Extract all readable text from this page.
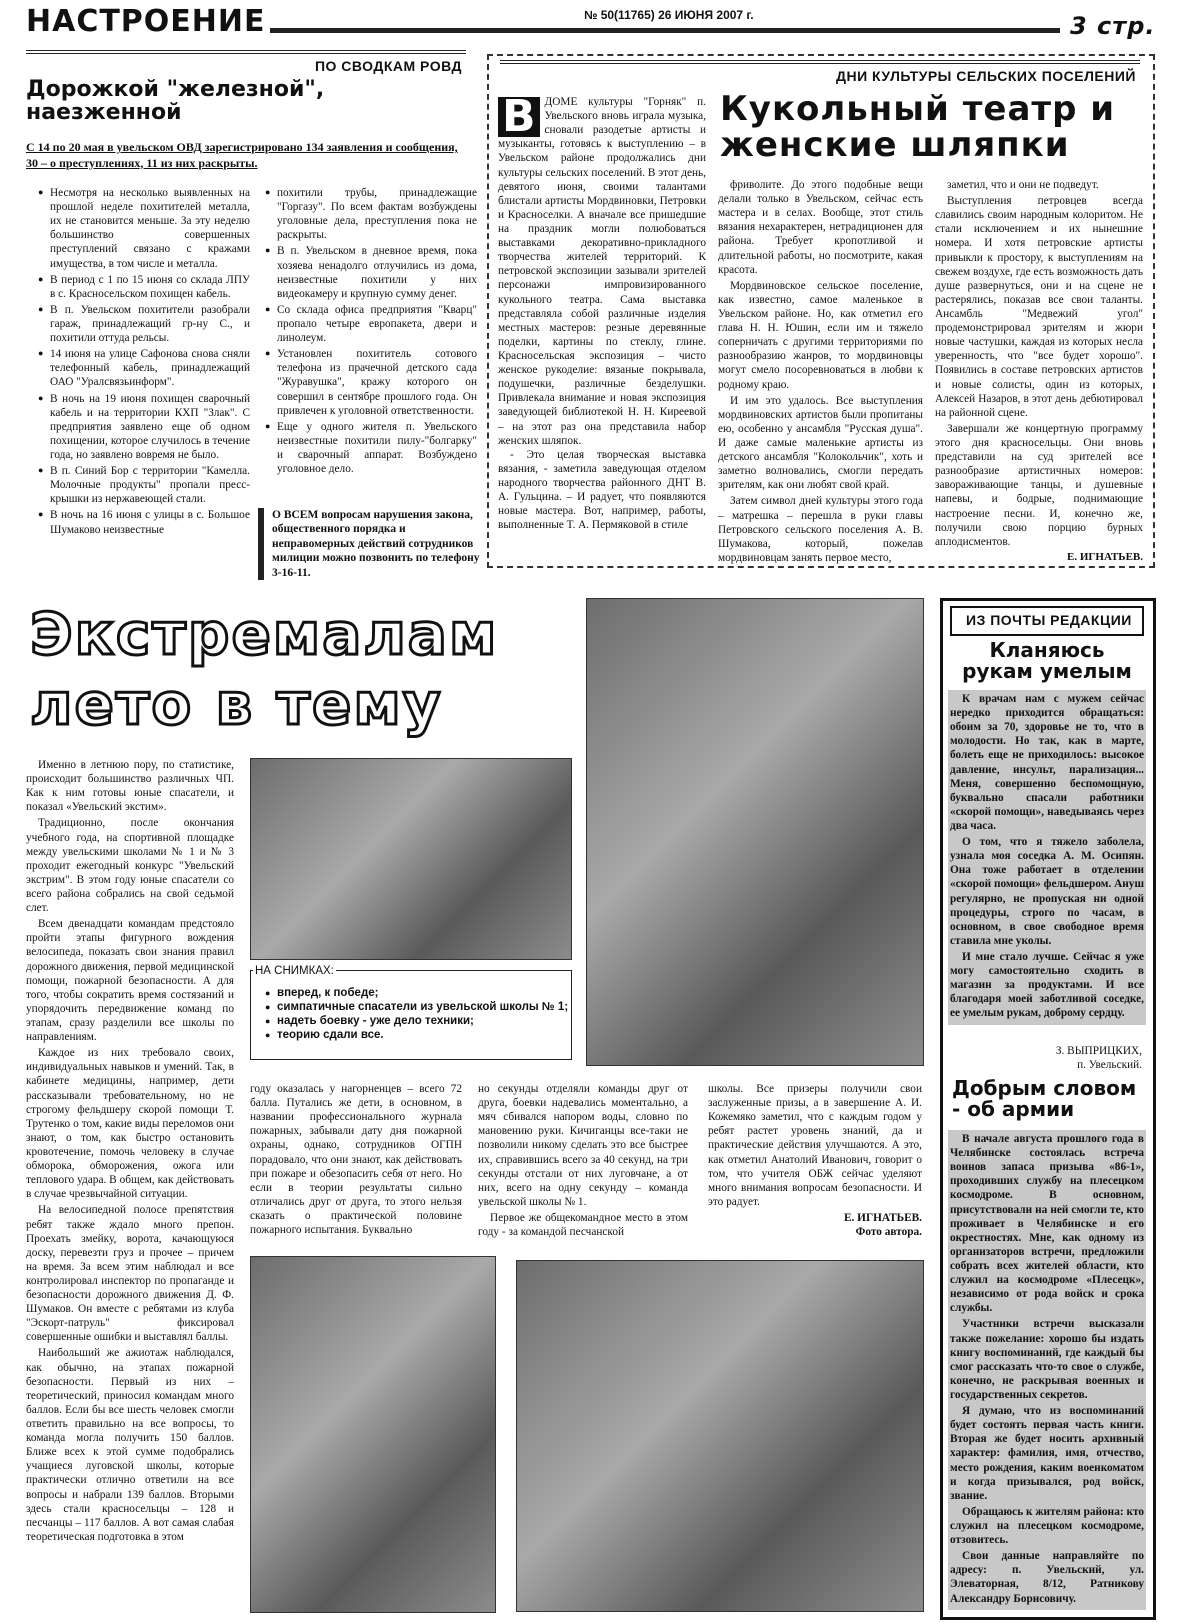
НАСТРОЕНИЕ	№ 50(11765) 26 ИЮНЯ 2007 г.	3 стр.
ПО СВОДКАМ РОВД
Дорожкой "железной", наезженной
С 14 по 20 мая в увельском ОВД зарегистрировано 134 заявления и сообщения, 30 – о преступлениях, 11 из них раскрыты.
● Несмотря на несколько выявленных на прошлой неделе похитителей металла, их не становится меньше. За эту неделю большинство совершенных преступлений связано с кражами имущества, в том числе и металла.
● В период с 1 по 15 июня со склада ЛПУ в с. Красносельском похищен кабель.
● В п. Увельском похитители разобрали гараж, принадлежащий гр-ну С., и похитили оттуда рельсы.
● 14 июня на улице Сафонова снова сняли телефонный кабель, принадлежащий ОАО "Уралсвязьинформ".
● В ночь на 19 июня похищен сварочный кабель и на территории КХП "Злак". С предприятия заявлено еще об одном похищении, которое случилось в течение года, но заявлено вовремя не было.
● В п. Синий Бор с территории "Камелла. Молочные продукты" пропали пресс-крышки из нержавеющей стали.
● В ночь на 16 июня с улицы в с. Большое Шумаково неизвестные
● похитили трубы, принадлежащие "Горгазу". По всем фактам возбуждены уголовные дела, преступления пока не раскрыты.
● В п. Увельском в дневное время, пока хозяева ненадолго отлучились из дома, неизвестные похитили у них видеокамеру и крупную сумму денег.
● Со склада офиса предприятия "Кварц" пропало четыре европакета, двери и линолеум.
● Установлен похититель сотового телефона из прачечной детского сада "Журавушка", кражу которого он совершил в сентябре прошлого года. Он привлечен к уголовной ответственности.
● Еще у одного жителя п. Увельского неизвестные похитили пилу-"болгарку" и сварочный аппарат. Возбуждено уголовное дело.
О ВСЕМ вопросам нарушения закона, общественного порядка и неправомерных действий сотрудников милиции можно позвонить по телефону 3-16-11.
ДНИ КУЛЬТУРЫ СЕЛЬСКИХ ПОСЕЛЕНИЙ
Кукольный театр и женские шляпки
В ДОМЕ культуры "Горняк" п. Увельского вновь играла музыка, сновали разодетые артисты и музыканты, готовясь к выступлению – в Увельском районе продолжались дни культуры сельских поселений. В этот день, девятого июня, своими талантами блистали артисты Мордвиновки, Петровки и Красноселки. А вначале все пришедшие на праздник могли полюбоваться выставками декоративно-прикладного творчества жителей территорий. К петровской экспозиции зазывали зрителей персонажи импровизированного кукольного театра. Сама выставка представляла собой различные изделия местных мастеров: резные деревянные поделки, картины по стеклу, глине. Красносельская экспозиция – чисто женское рукоделие: вязаные покрывала, подушечки, различные безделушки. Привлекала внимание и новая экспозиция заведующей библиотекой Н. Н. Киреевой – на этот раз она представила набор женских шляпок.

- Это целая творческая выставка вязания, - заметила заведующая отделом народного творчества районного ДНТ В. А. Гульцина. – И радует, что появляются новые мастера. Вот, например, работы, выполненные Т. А. Пермяковой в стиле

фриволите. До этого подобные вещи делали только в Увельском, сейчас есть мастера и в селах. Вообще, этот стиль вязания нехарактерен, нетрадиционен для района. Требует кропотливой и длительной работы, но посмотрите, какая красота.

Мордвиновское сельское поселение, как известно, самое маленькое в Увельском районе. Но, как отметил его глава Н. Н. Юшин, если им и тяжело соперничать с другими территориями по разнообразию жанров, то мордвиновцы могут смело посоревноваться в любви к родному краю.

И им это удалось. Все выступления мордвиновских артистов были пропитаны ею, особенно у ансамбля "Русская душа". И даже самые маленькие артисты из детского ансамбля "Колокольчик", хоть и заметно волновались, смогли передать зрителям, как они любят свой край.

Затем символ дней культуры этого года – матрешка – перешла в руки главы Петровского сельского поселения А. В. Шумакова, который, пожелав мордвиновцам занять первое место,

заметил, что и они не подведут.

Выступления петровцев всегда славились своим народным колоритом. Не стали исключением и их нынешние номера. И хотя петровские артисты привыкли к простору, к выступлениям на свежем воздухе, где есть возможность дать душе развернуться, они и на сцене не растерялись, показав все свои таланты. Ансамбль "Медвежий угол" продемонстрировал зрителям и жюри новые частушки, каждая из которых несла уверенность, что "все будет хорошо". Появились в составе петровских артистов и новые солисты, один из которых, Алексей Назаров, в этот день дебютировал на районной сцене.

Завершали же концертную программу этого дня красносельцы. Они вновь представили на суд зрителей все разнообразие артистичных номеров: завораживающие танцы, и душевные напевы, и бодрые, поднимающие настроение песни. И, конечно же, получили свою порцию бурных аплодисментов.

Е. ИГНАТЬЕВ.
Экстремалам
лето в тему
НА СНИМКАХ:
● вперед, к победе;
● симпатичные спасатели из увельской школы № 1;
● надеть боевку - уже дело техники;
● теорию сдали все.

Именно в летнюю пору, по статистике, происходит большинство различных ЧП. Как к ним готовы юные спасатели, и показал «Увельский экстим».

Традиционно, после окончания учебного года, на спортивной площадке между увельскими школами № 1 и № 3 проходит ежегодный конкурс "Увельский экстрим". В этом году юные спасатели со всего района собрались на свой седьмой слет.

Всем двенадцати командам предстояло пройти этапы фигурного вождения велосипеда, показать свои знания правил дорожного движения, первой медицинской помощи, пожарной безопасности. А для того, чтобы сократить время состязаний и упорядочить передвижение команд по этапам, сразу разделили все школы по направлениям.

Каждое из них требовало своих, индивидуальных навыков и умений. Так, в кабинете медицины, например, дети рассказывали требовательному, но не строгому фельдшеру скорой помощи Т. Трутенко о том, какие виды переломов они знают, о том, как быстро остановить кровотечение, помочь человеку в случае обморока, обморожения, ожога или теплового удара. В общем, как действовать в случае чрезвычайной ситуации.

На велосипедной полосе препятствия ребят также ждало много препон. Проехать змейку, ворота, качающуюся доску, перевезти груз и прочее – причем на время. За всем этим наблюдал и все контролировал инспектор по пропаганде и безопасности дорожного движения Д. Ф. Шумаков. Он вместе с ребятами из клуба "Эскорт-патруль" фиксировал совершенные ошибки и выставлял баллы.

Наибольший же ажиотаж наблюдался, как обычно, на этапах пожарной безопасности. Первый из них – теоретический, приносил командам много баллов. Если бы все шесть человек смогли ответить правильно на все вопросы, то команда могла получить 150 баллов. Ближе всех к этой сумме подобрались учащиеся луговской школы, которые практически отлично ответили на все вопросы и набрали 139 баллов. Вторыми здесь стали красносельцы – 128 и песчанцы – 117 баллов. А вот самая слабая теоретическая подготовка в этом

году оказалась у нагорненцев – всего 72 балла. Путались же дети, в основном, в названии профессионального журнала пожарных, забывали дату дня пожарной охраны, однако, сотрудников ОГПН порадовало, что они знают, как действовать при пожаре и обезопасить себя от него. Но если в теории результаты сильно отличались друг от друга, то этого нельзя сказать о практической половине пожарного испытания. Буквально

но секунды отделяли команды друг от друга, боевки надевались моментально, а мяч сбивался напором воды, словно по мановению руки. Кичиганцы все-таки не позволили никому сделать это все быстрее их, справившись всего за 40 секунд, на три секунды отстали от них луговчане, а от них, всего на одну секунду – команда увельской школы № 1.

Первое же общекомандное место в этом году - за командой песчанской

школы. Все призеры получили свои заслуженные призы, а в завершение А. И. Кожемяко заметил, что с каждым годом у ребят растет уровень знаний, да и практические действия улучшаются. А это, как отметил Анатолий Иванович, говорит о том, что учителя ОБЖ сейчас уделяют много внимания вопросам безопасности. И это радует.

Е. ИГНАТЬЕВ.
Фото автора.
ИЗ ПОЧТЫ РЕДАКЦИИ
Кланяюсь рукам умелым

К врачам нам с мужем сейчас нередко приходится обращаться: обоим за 70, здоровье не то, что в молодости. Но так, как в марте, болеть еще не приходилось: высокое давление, инсульт, парализация... Меня, совершенно беспомощную, буквально спасали работники «скорой помощи», наведываясь через два часа.

О том, что я тяжело заболела, узнала моя соседка А. М. Осипян. Она тоже работает в отделении «скорой помощи» фельдшером. Ануш регулярно, не пропуская ни одной процедуры, строго по часам, в основном, в свое свободное время ставила мне уколы.

И мне стало лучше. Сейчас я уже могу самостоятельно сходить в магазин за продуктами. И все благодаря моей заботливой соседке, ее умелым рукам, доброму сердцу.

З. ВЫПРИЦКИХ,
п. Увельский.
Добрым словом - об армии

В начале августа прошлого года в Челябинске состоялась встреча воинов запаса призыва «86-1», проходивших службу на плесецком космодроме. В основном, присутствовали на ней смогли те, кто проживает в Челябинске и его окрестностях. Мне, как одному из организаторов встречи, предложили собрать всех жителей области, кто служил на космодроме «Плесецк», независимо от рода войск и срока службы.

Участники встречи высказали также пожелание: хорошо бы издать книгу воспоминаний, где каждый бы смог рассказать что-то свое о службе, конечно, не раскрывая военных и государственных секретов.

Я думаю, что из воспоминаний будет состоять первая часть книги. Вторая же будет носить архивный характер: фамилия, имя, отчество, место рождения, каким военкоматом и когда призывался, род войск, звание.

Обращаюсь к жителям района: кто служил на плесецком космодроме, отзовитесь.

Свои данные направляйте по адресу: п. Увельский, ул. Элеваторная, 8/12, Ратникову Александру Борисовичу.
